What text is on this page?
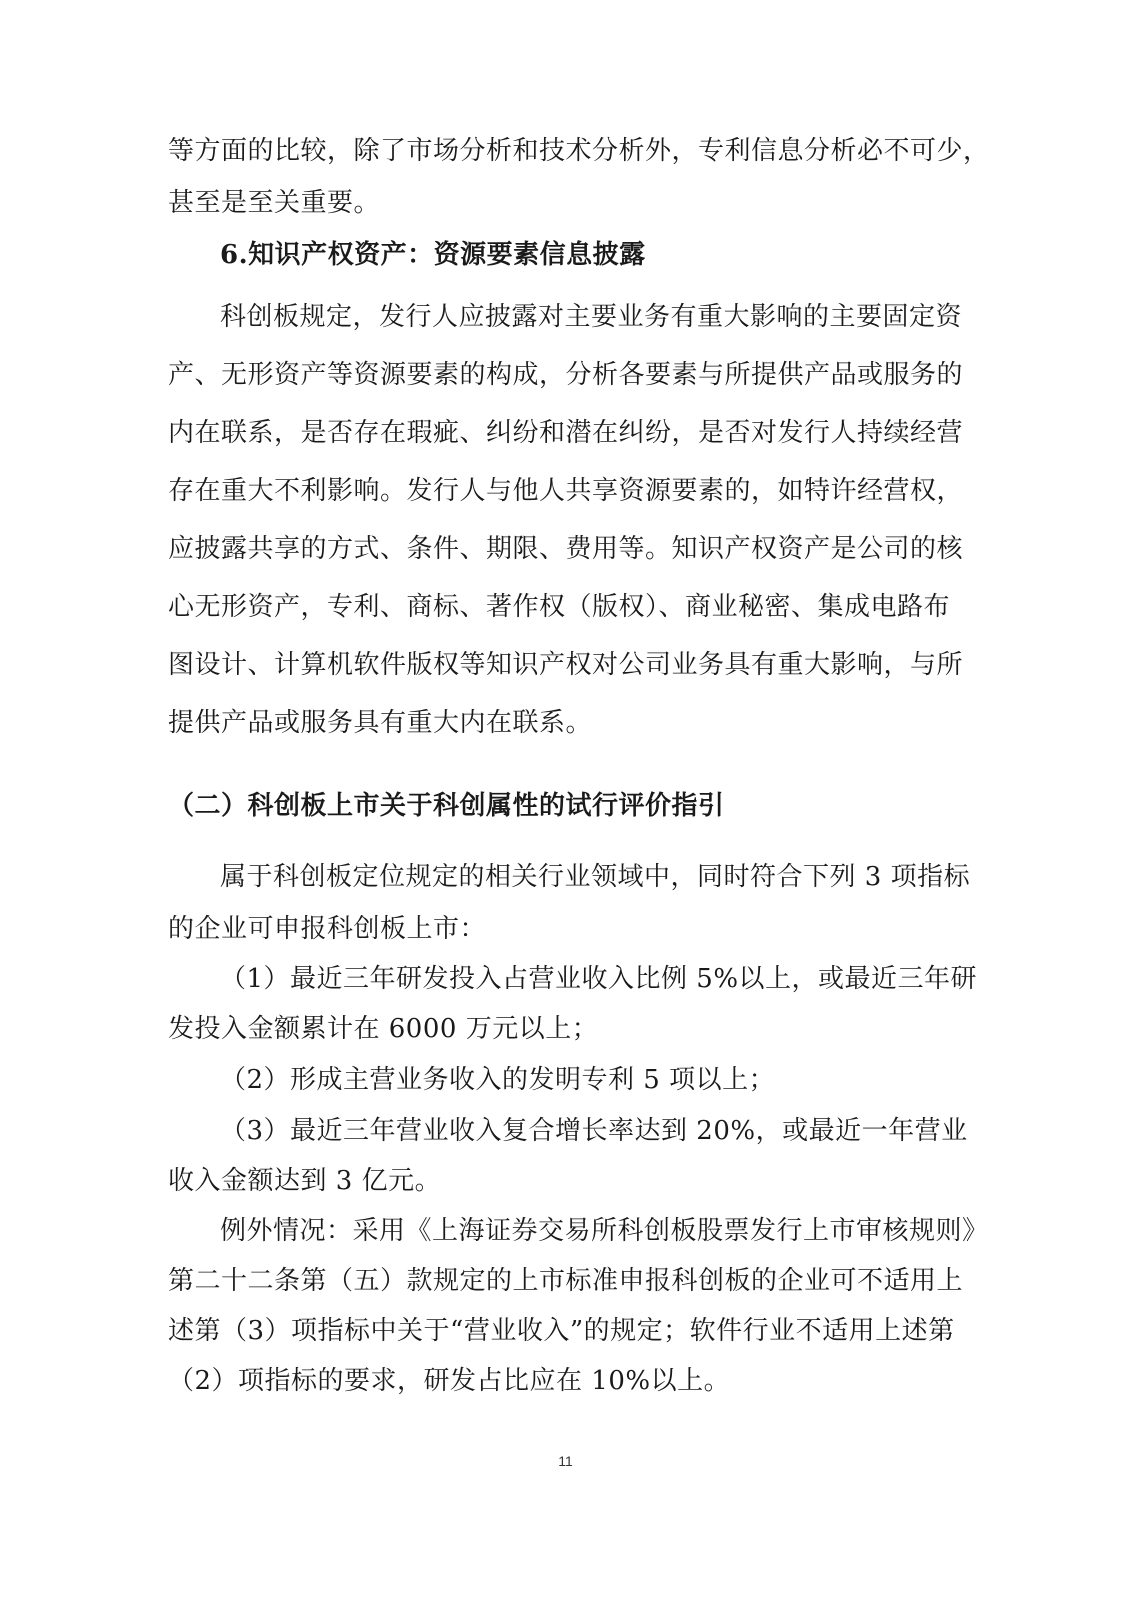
等方面的比较，除了市场分析和技术分析外，专利信息分析必不可少，
甚至是至关重要。
6.知识产权资产：资源要素信息披露
科创板规定，发行人应披露对主要业务有重大影响的主要固定资
产、无形资产等资源要素的构成，分析各要素与所提供产品或服务的
内在联系，是否存在瑕疵、纠纷和潜在纠纷，是否对发行人持续经营
存在重大不利影响。发行人与他人共享资源要素的，如特许经营权，
应披露共享的方式、条件、期限、费用等。知识产权资产是公司的核
心无形资产，专利、商标、著作权（版权）、商业秘密、集成电路布
图设计、计算机软件版权等知识产权对公司业务具有重大影响，与所
提供产品或服务具有重大内在联系。
（二）科创板上市关于科创属性的试行评价指引
属于科创板定位规定的相关行业领域中，同时符合下列 3 项指标
的企业可申报科创板上市：
（1）最近三年研发投入占营业收入比例 5%以上，或最近三年研
发投入金额累计在 6000 万元以上；
（2）形成主营业务收入的发明专利 5 项以上；
（3）最近三年营业收入复合增长率达到 20%，或最近一年营业
收入金额达到 3 亿元。
例外情况：采用《上海证券交易所科创板股票发行上市审核规则》
第二十二条第（五）款规定的上市标准申报科创板的企业可不适用上
述第（3）项指标中关于“营业收入”的规定；软件行业不适用上述第
（2）项指标的要求，研发占比应在 10%以上。
11
